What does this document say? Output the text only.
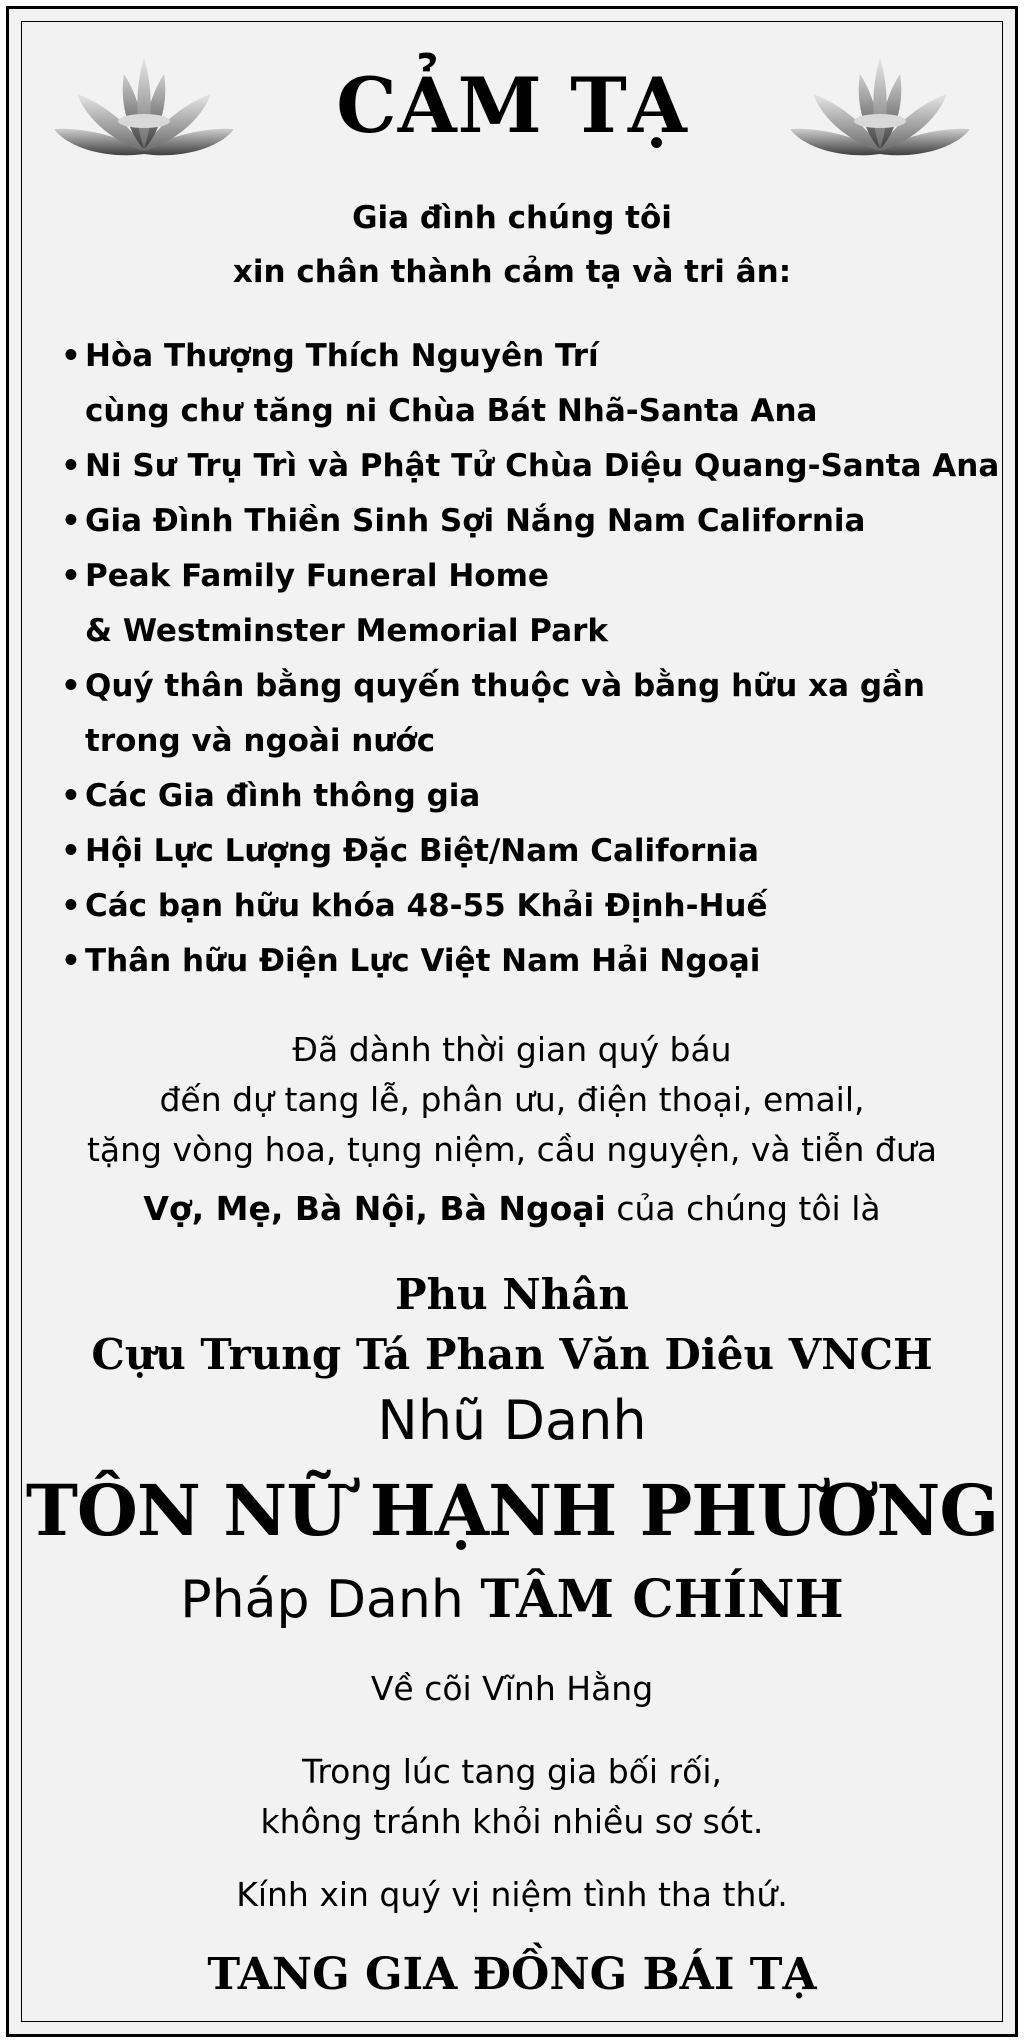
CẢM TẠ
Gia đình chúng tôi
xin chân thành cảm tạ và tri ân:
• Hòa Thượng Thích Nguyên Trí
cùng chư tăng ni Chùa Bát Nhã-Santa Ana
• Ni Sư Trụ Trì và Phật Tử Chùa Diệu Quang-Santa Ana
• Gia Đình Thiền Sinh Sợi Nắng Nam California
• Peak Family Funeral Home
& Westminster Memorial Park
• Quý thân bằng quyến thuộc và bằng hữu xa gần
trong và ngoài nước
• Các Gia đình thông gia
• Hội Lực Lượng Đặc Biệt/Nam California
• Các bạn hữu khóa 48-55 Khải Định-Huế
• Thân hữu Điện Lực Việt Nam Hải Ngoại
Đã dành thời gian quý báu
đến dự tang lễ, phân ưu, điện thoại, email,
tặng vòng hoa, tụng niệm, cầu nguyện, và tiễn đưa
Vợ, Mẹ, Bà Nội, Bà Ngoại của chúng tôi là
Phu Nhân
Cựu Trung Tá Phan Văn Diêu VNCH
Nhũ Danh
TÔN NỮ HẠNH PHƯƠNG
Pháp Danh TÂM CHÍNH
Về cõi Vĩnh Hằng
Trong lúc tang gia bối rối,
không tránh khỏi nhiều sơ sót.
Kính xin quý vị niệm tình tha thứ.
TANG GIA ĐỒNG BÁI TẠ
